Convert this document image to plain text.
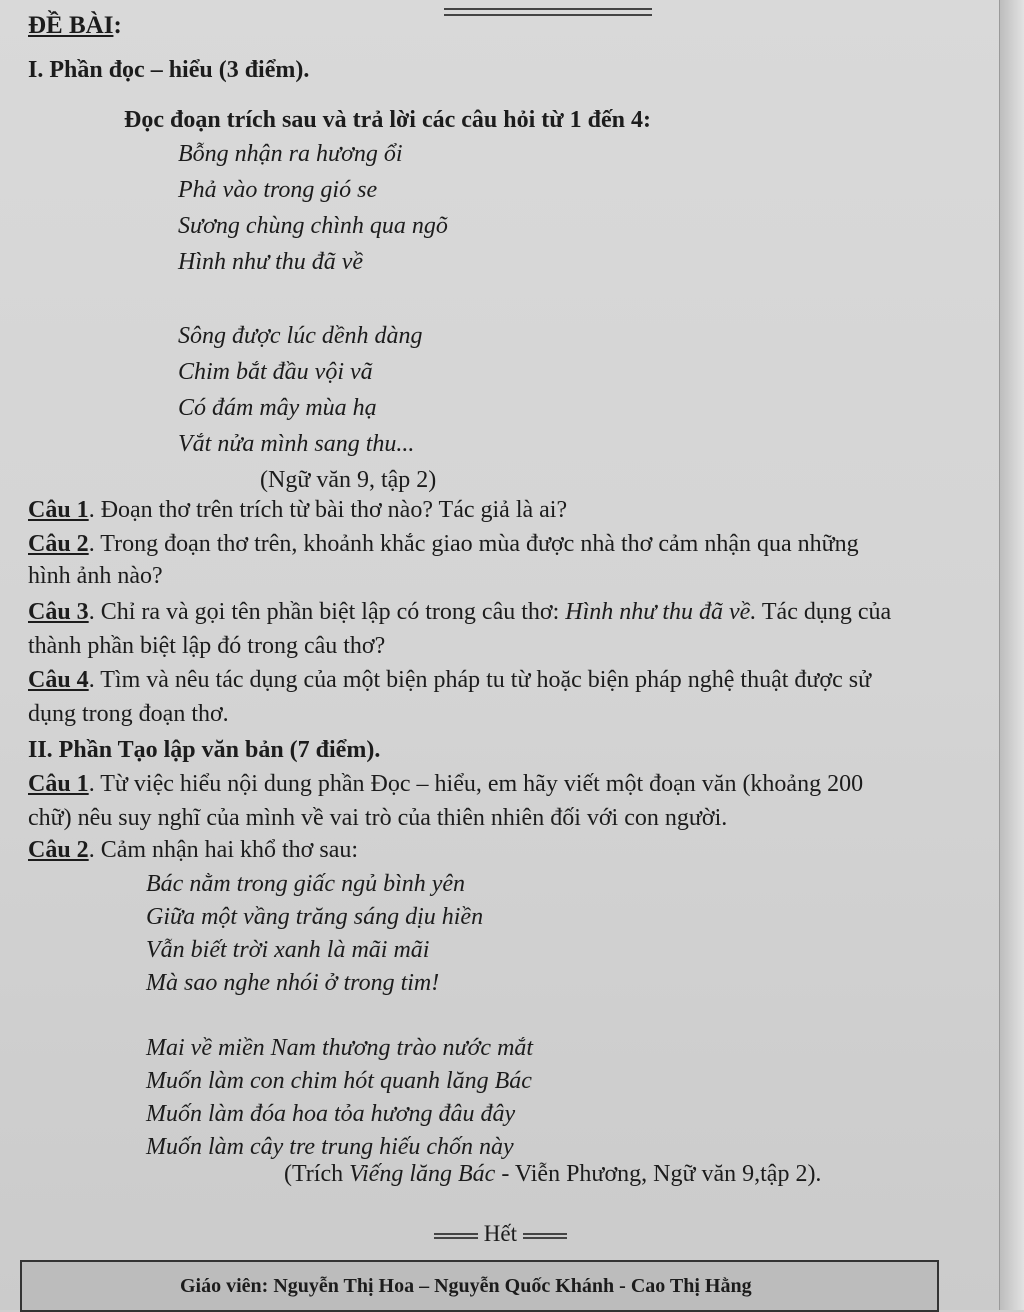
ĐỀ BÀI:
I. Phần đọc – hiểu (3 điểm).
Đọc đoạn trích sau và trả lời các câu hỏi từ 1 đến 4:
Bỗng nhận ra hương ổi
Phả vào trong gió se
Sương chùng chình qua ngõ
Hình như thu đã về
Sông được lúc dềnh dàng
Chim bắt đầu vội vã
Có đám mây mùa hạ
Vắt nửa mình sang thu...
(Ngữ văn 9, tập 2)
Câu 1. Đoạn thơ trên trích từ bài thơ nào? Tác giả là ai?
Câu 2. Trong đoạn thơ trên, khoảnh khắc giao mùa được nhà thơ cảm nhận qua những
hình ảnh nào?
Câu 3. Chỉ ra và gọi tên phần biệt lập có trong câu thơ: Hình như thu đã về. Tác dụng của
thành phần biệt lập đó trong câu thơ?
Câu 4. Tìm và nêu tác dụng của một biện pháp tu từ hoặc biện pháp nghệ thuật được sử
dụng trong đoạn thơ.
II. Phần Tạo lập văn bản (7 điểm).
Câu 1. Từ việc hiểu nội dung phần Đọc – hiểu, em hãy viết một đoạn văn (khoảng 200
chữ) nêu suy nghĩ của mình về vai trò của thiên nhiên đối với con người.
Câu 2. Cảm nhận hai khổ thơ sau:
Bác nằm trong giấc ngủ bình yên
Giữa một vầng trăng sáng dịu hiền
Vẫn biết trời xanh là mãi mãi
Mà sao nghe nhói ở trong tim!
Mai về miền Nam thương trào nước mắt
Muốn làm con chim hót quanh lăng Bác
Muốn làm đóa hoa tỏa hương đâu đây
Muốn làm cây tre trung hiếu chốn này
(Trích Viếng lăng Bác - Viễn Phương, Ngữ văn 9,tập 2).
Hết
Giáo viên: Nguyễn Thị Hoa – Nguyễn Quốc Khánh - Cao Thị Hằng
